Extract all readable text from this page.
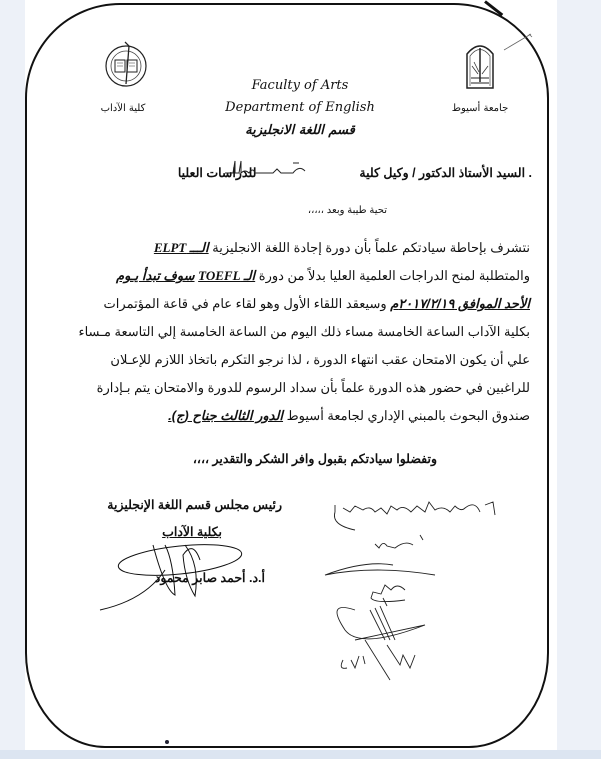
كلية الآداب	جامعة أسيوط
Faculty of Arts
Department of English
قسم اللغة الانجليزية
. السيد الأستاذ الدكتور / وكيل كلية  للدراسات العليا
تحية طيبة وبعد ،،،،،
نتشرف بإحاطة سيادتكم علماً بأن دورة إجادة اللغة الانجليزية الـــ ELPT
والمتطلبة لمنح الدراجات العلمية العليا بدلاً من دورة الـ TOEFL سوف تبدأ يـوم
الأحد الموافق ٢٠١٧/٢/١٩م وسيعقد اللقاء الأول وهو لقاء عام في قاعة المؤتمرات
بكلية الآداب الساعة الخامسة مساء ذلك اليوم من الساعة الخامسة إلي التاسعة مـساء
علي أن يكون الامتحان عقب انتهاء الدورة ، لذا نرجو التكرم باتخاذ اللازم للإعـلان
للراغبين في حضور هذه الدورة علماً بأن سداد الرسوم للدورة والامتحان يتم بـإدارة
صندوق البحوث بالمبني الإداري لجامعة أسيوط الدور الثالث جناح (ج).
وتفضلوا سيادتكم بقبول وافر الشكر والتقدير ،،،،
رئيس مجلس قسم اللغة الإنجليزية
بكلية الآداب
أ.د. أحمد صابر محمود
